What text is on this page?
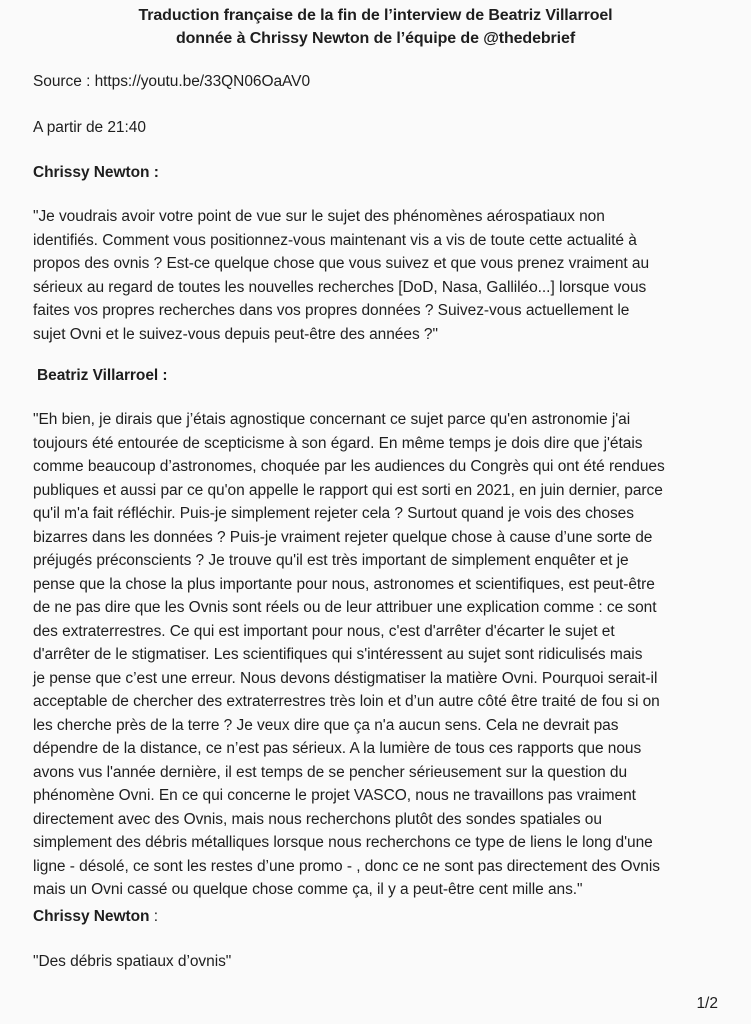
Traduction française de la fin de l’interview de Beatriz Villarroel
donnée à Chrissy Newton de l’équipe de @thedebrief
Source : https://youtu.be/33QN06OaAV0
A partir de 21:40
Chrissy Newton :
"Je voudrais avoir votre point de vue sur le sujet des phénomènes aérospatiaux non
identifiés. Comment vous positionnez-vous maintenant vis a vis de toute cette actualité à
propos des ovnis ? Est-ce quelque chose que vous suivez et que vous prenez vraiment au
sérieux au regard de toutes les nouvelles recherches [DoD, Nasa, Galliléo...] lorsque vous
faites vos propres recherches dans vos propres données ? Suivez-vous actuellement le
sujet Ovni et le suivez-vous depuis peut-être des années ?"
Beatriz Villarroel :
"Eh bien, je dirais que j’étais agnostique concernant ce sujet parce qu'en astronomie j'ai
toujours été entourée de scepticisme à son égard. En même temps je dois dire que j'étais
comme beaucoup d’astronomes, choquée par les audiences du Congrès qui ont été rendues
publiques et aussi par ce qu'on appelle le rapport qui est sorti en 2021, en juin dernier, parce
qu'il m'a fait réfléchir. Puis-je simplement rejeter cela ? Surtout quand je vois des choses
bizarres dans les données ? Puis-je vraiment rejeter quelque chose à cause d’une sorte de
préjugés préconscients ? Je trouve qu'il est très important de simplement enquêter et je
pense que la chose la plus importante pour nous, astronomes et scientifiques, est peut-être
de ne pas dire que les Ovnis sont réels ou de leur attribuer une explication comme : ce sont
des extraterrestres. Ce qui est important pour nous, c'est d'arrêter d'écarter le sujet et
d'arrêter de le stigmatiser. Les scientifiques qui s'intéressent au sujet sont ridiculisés mais
je pense que c’est une erreur. Nous devons déstigmatiser la matière Ovni. Pourquoi serait-il
acceptable de chercher des extraterrestres très loin et d’un autre côté être traité de fou si on
les cherche près de la terre ? Je veux dire que ça n'a aucun sens. Cela ne devrait pas
dépendre de la distance, ce n’est pas sérieux. A la lumière de tous ces rapports que nous
avons vus l'année dernière, il est temps de se pencher sérieusement sur la question du
phénomène Ovni. En ce qui concerne le projet VASCO, nous ne travaillons pas vraiment
directement avec des Ovnis, mais nous recherchons plutôt des sondes spatiales ou
simplement des débris métalliques lorsque nous recherchons ce type de liens le long d'une
ligne - désolé, ce sont les restes d’une promo - , donc ce ne sont pas directement des Ovnis
mais un Ovni cassé ou quelque chose comme ça, il y a peut-être cent mille ans."
Chrissy Newton :
"Des débris spatiaux d’ovnis"
1/2
